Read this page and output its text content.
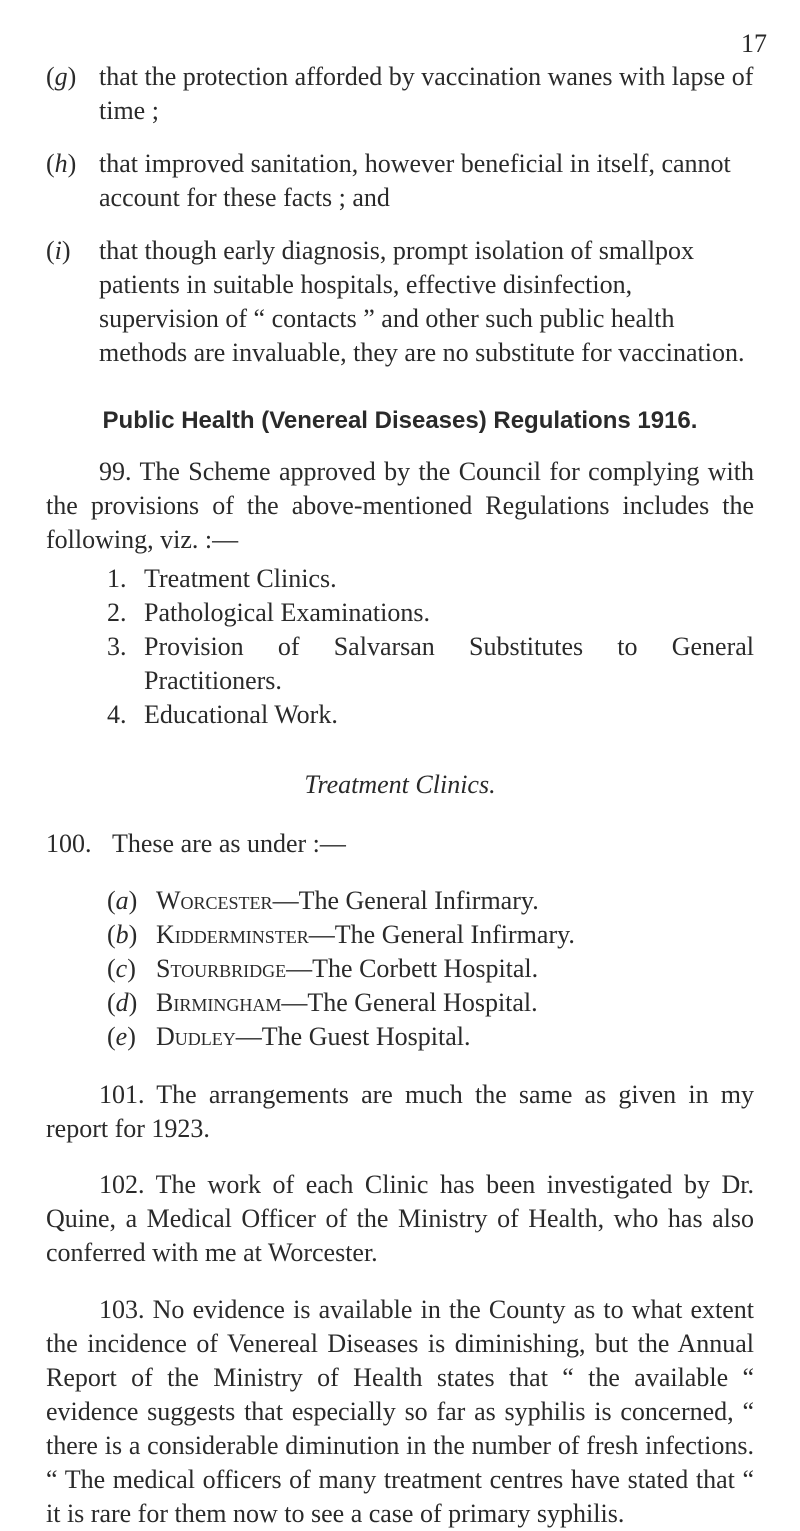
17
(g) that the protection afforded by vaccination wanes with lapse of time ;
(h) that improved sanitation, however beneficial in itself, cannot account for these facts ; and
(i) that though early diagnosis, prompt isolation of smallpox patients in suitable hospitals, effective disinfection, supervision of “ contacts ” and other such public health methods are invaluable, they are no substitute for vaccination.
Public Health (Venereal Diseases) Regulations 1916.
99. The Scheme approved by the Council for complying with the provisions of the above-mentioned Regulations includes the following, viz. :—
1. Treatment Clinics.
2. Pathological Examinations.
3. Provision of Salvarsan Substitutes to General Practitioners.
4. Educational Work.
Treatment Clinics.
100. These are as under :—
(a) Worcester—The General Infirmary.
(b) Kidderminster—The General Infirmary.
(c) Stourbridge—The Corbett Hospital.
(d) Birmingham—The General Hospital.
(e) Dudley—The Guest Hospital.
101. The arrangements are much the same as given in my report for 1923.
102. The work of each Clinic has been investigated by Dr. Quine, a Medical Officer of the Ministry of Health, who has also conferred with me at Worcester.
103. No evidence is available in the County as to what extent the incidence of Venereal Diseases is diminishing, but the Annual Report of the Ministry of Health states that “ the available “ evidence suggests that especially so far as syphilis is concerned, “ there is a considerable diminution in the number of fresh infections. “ The medical officers of many treatment centres have stated that “ it is rare for them now to see a case of primary syphilis.
